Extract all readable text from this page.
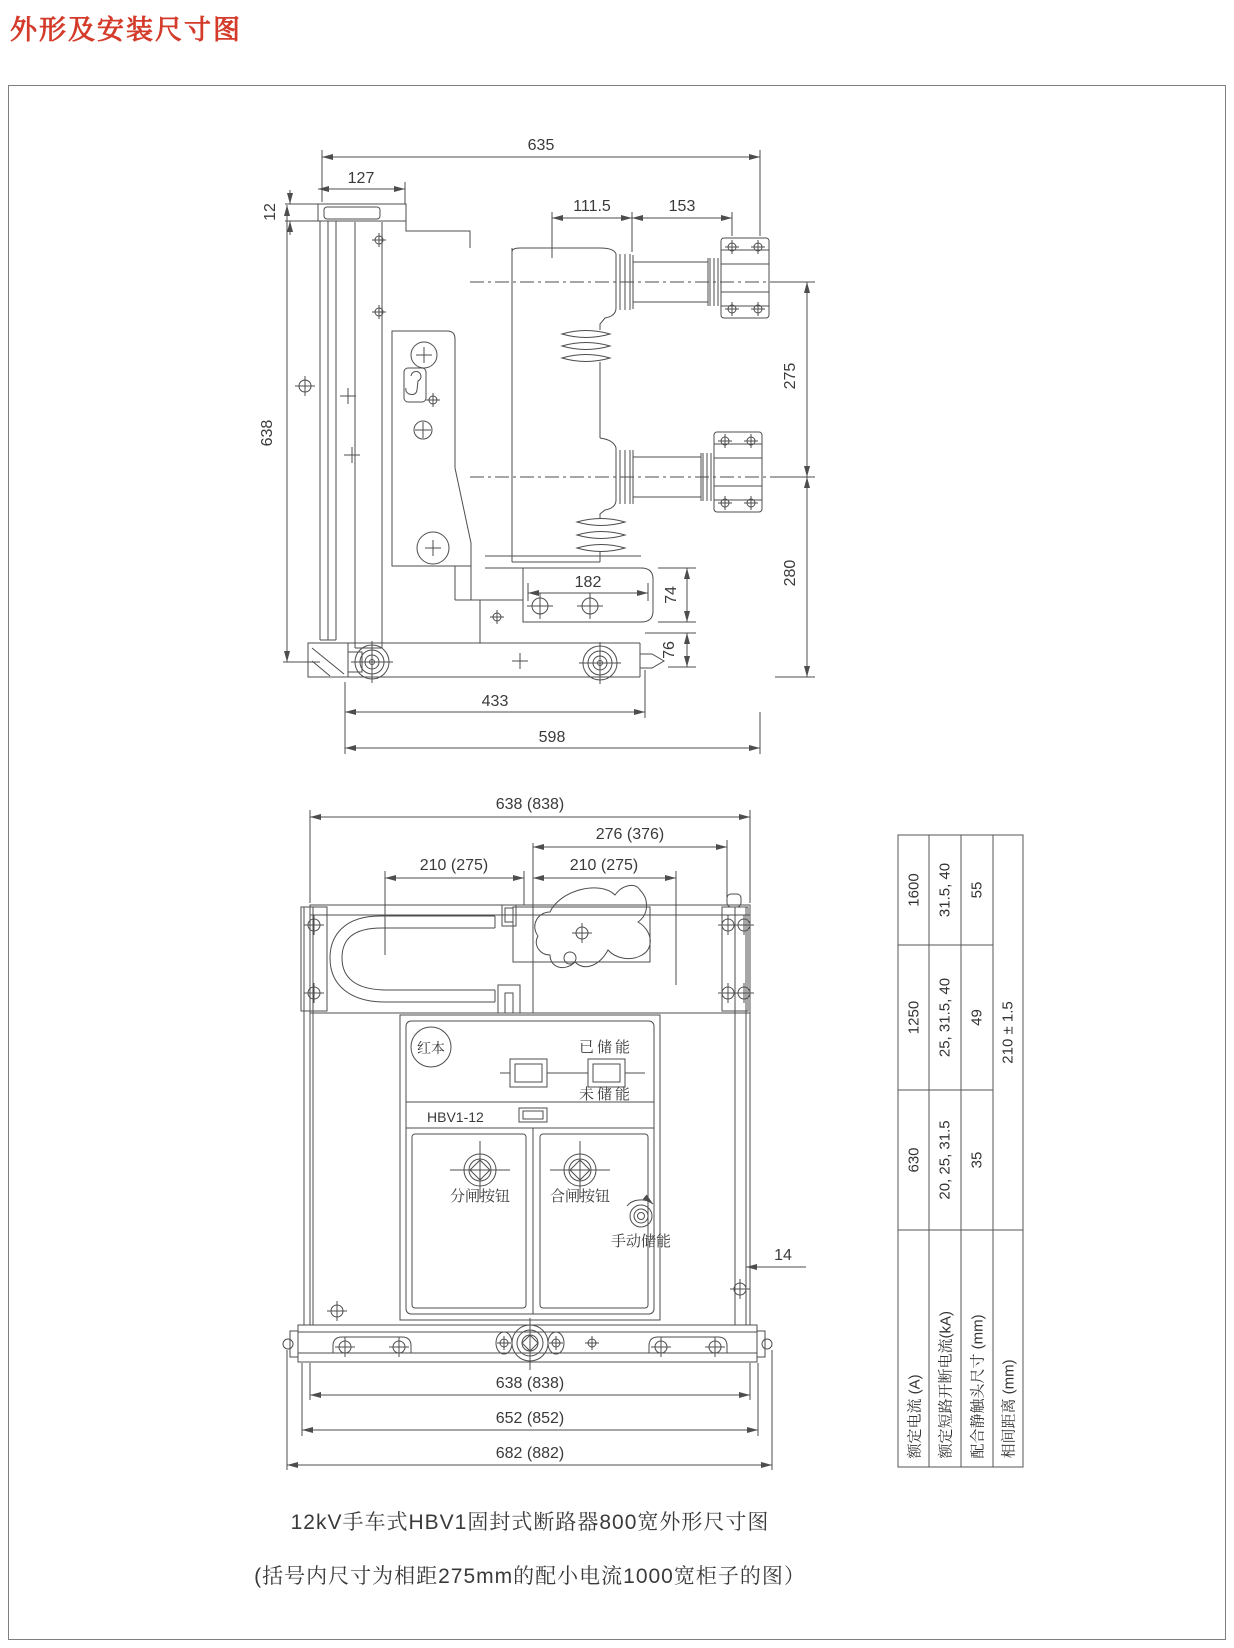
外形及安装尺寸图
635
127
12
638
111.5	153
275
280
182
74
76
433
598
638 (838)
276 (376)
210 (275)	210 (275)
14
638 (838)
652 (852)
682 (882)
红本	已储能
未储能
HBV1-12
分闸按钮	合闸按钮
手动储能
额定电流 (A)	630	1250	1600
额定短路开断电流(kA)	20, 25, 31.5	25, 31.5, 40	31.5, 40
配合静触头尺寸 (mm)	35	49	55
相间距离 (mm)	210 ± 1.5		
12kV手车式HBV1固封式断路器800宽外形尺寸图
(括号内尺寸为相距275mm的配小电流1000宽柜子的图）
